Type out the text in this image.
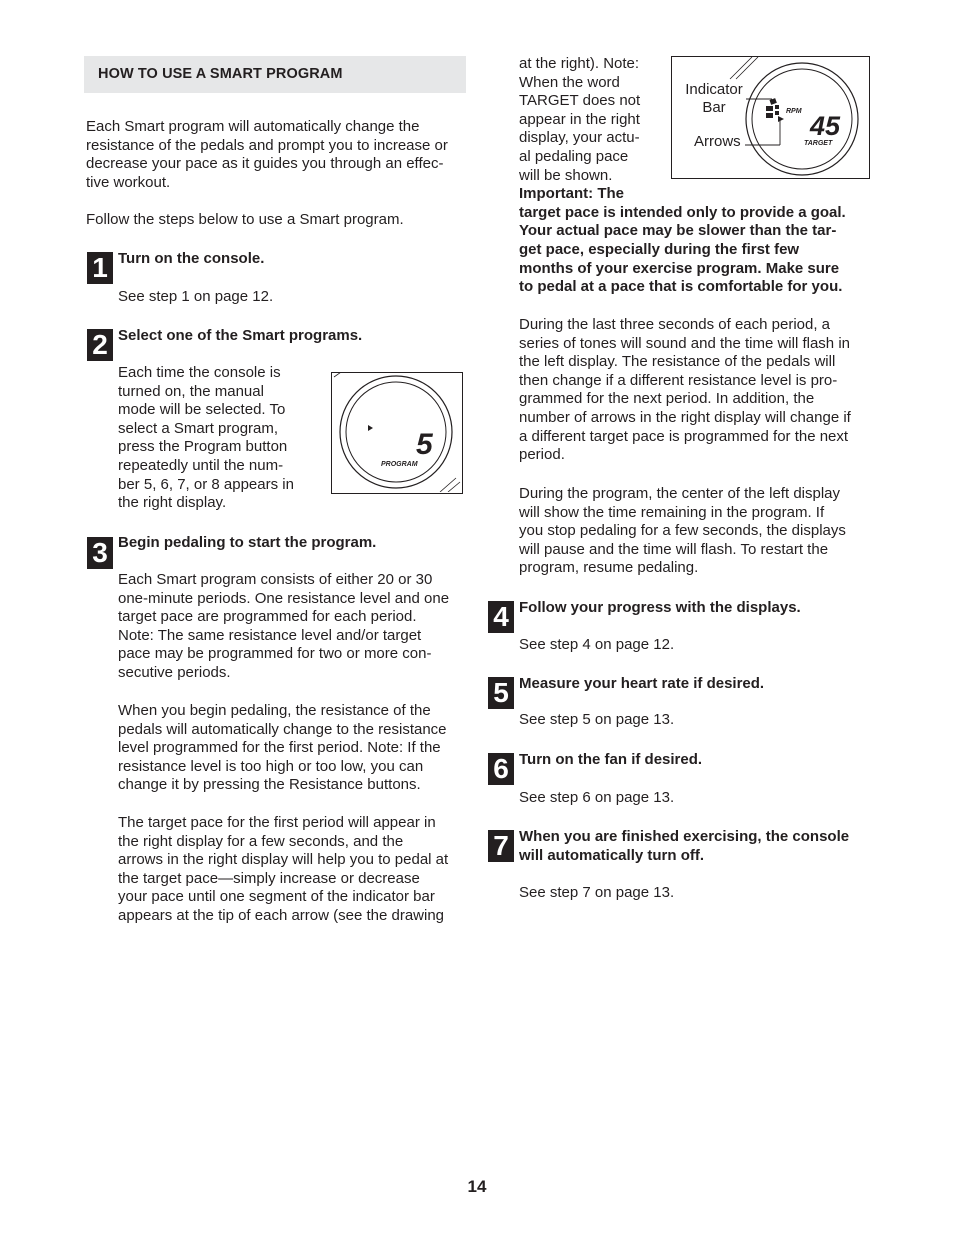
HOW TO USE A SMART PROGRAM
Each Smart program will automatically change the
resistance of the pedals and prompt you to increase or
decrease your pace as it guides you through an effec-
tive workout.
Follow the steps below to use a Smart program.
1 Turn on the console.
See step 1 on page 12.
2 Select one of the Smart programs.
Each time the console is
turned on, the manual
mode will be selected. To
select a Smart program,
press the Program button
repeatedly until the num-
ber 5, 6, 7, or 8 appears in
the right display.
5
PROGRAM
3 Begin pedaling to start the program.
Each Smart program consists of either 20 or 30
one-minute periods. One resistance level and one
target pace are programmed for each period.
Note: The same resistance level and/or target
pace may be programmed for two or more con-
secutive periods.
When you begin pedaling, the resistance of the
pedals will automatically change to the resistance
level programmed for the first period. Note: If the
resistance level is too high or too low, you can
change it by pressing the Resistance buttons.
The target pace for the first period will appear in
the right display for a few seconds, and the
arrows in the right display will help you to pedal at
the target pace—simply increase or decrease
your pace until one segment of the indicator bar
appears at the tip of each arrow (see the drawing
at the right). Note:
When the word
TARGET does not
appear in the right
display, your actu-
al pedaling pace
will be shown.
Important: The
target pace is intended only to provide a goal.
Your actual pace may be slower than the tar-
get pace, especially during the first few
months of your exercise program. Make sure
to pedal at a pace that is comfortable for you.
RPM 45
TARGET
Indicator
Bar
Arrows
During the last three seconds of each period, a
series of tones will sound and the time will flash in
the left display. The resistance of the pedals will
then change if a different resistance level is pro-
grammed for the next period. In addition, the
number of arrows in the right display will change if
a different target pace is programmed for the next
period.
During the program, the center of the left display
will show the time remaining in the program. If
you stop pedaling for a few seconds, the displays
will pause and the time will flash. To restart the
program, resume pedaling.
4 Follow your progress with the displays.
See step 4 on page 12.
5 Measure your heart rate if desired.
See step 5 on page 13.
6 Turn on the fan if desired.
See step 6 on page 13.
7 When you are finished exercising, the console
will automatically turn off.
See step 7 on page 13.
14
